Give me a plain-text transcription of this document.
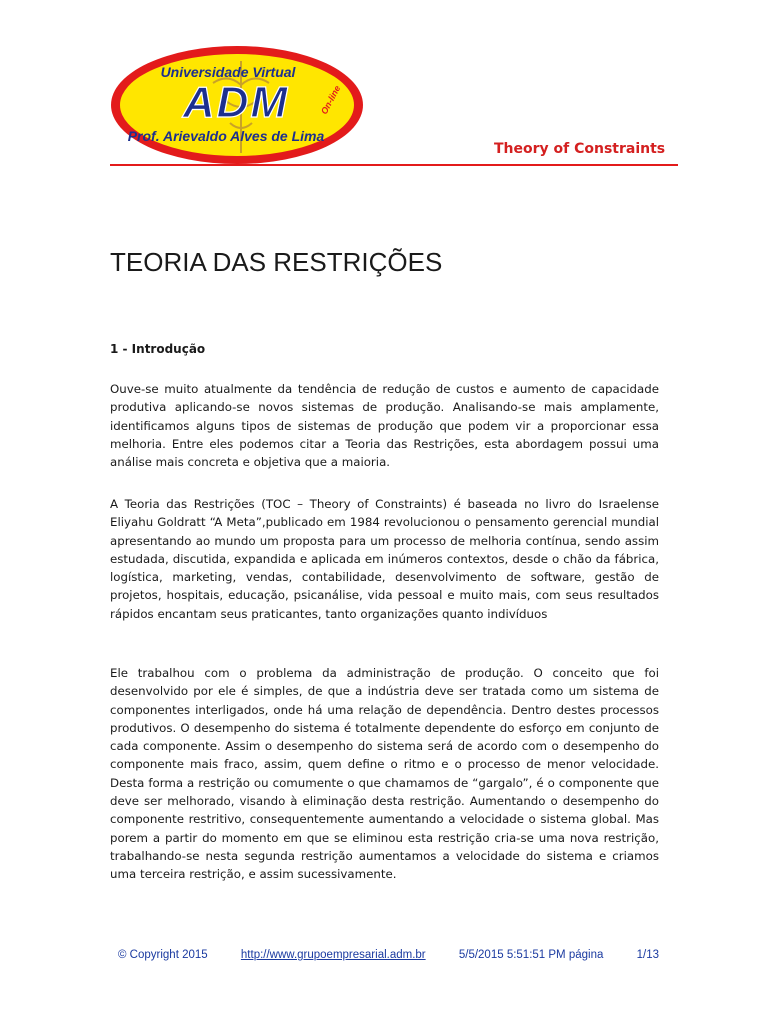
Universidade Virtual
ADM
Prof. Arievaldo Alves de Lima
On-line
Theory of Constraints
TEORIA DAS RESTRIÇÕES
1 - Introdução

Ouve-se muito atualmente da tendência de redução de custos e aumento de capacidade produtiva aplicando-se novos sistemas de produção. Analisando-se mais amplamente, identificamos alguns tipos de sistemas de produção que podem vir a proporcionar essa melhoria. Entre eles podemos citar a Teoria das Restrições, esta abordagem possui uma análise mais concreta e objetiva que a maioria.

A Teoria das Restrições (TOC – Theory of Constraints) é baseada no livro do Israelense Eliyahu Goldratt “A Meta”,publicado em 1984 revolucionou o pensamento gerencial mundial apresentando ao mundo um proposta para um processo de melhoria contínua, sendo assim estudada, discutida, expandida e aplicada em inúmeros contextos, desde o chão da fábrica, logística, marketing, vendas, contabilidade, desenvolvimento de software, gestão de projetos, hospitais, educação, psicanálise, vida pessoal e muito mais, com seus resultados rápidos encantam seus praticantes, tanto organizações quanto indivíduos

Ele trabalhou com o problema da administração de produção. O conceito que foi desenvolvido por ele é simples, de que a indústria deve ser tratada como um sistema de componentes interligados, onde há uma relação de dependência. Dentro destes processos produtivos. O desempenho do sistema é totalmente dependente do esforço em conjunto de cada componente. Assim o desempenho do sistema será de acordo com o desempenho do componente mais fraco, assim, quem define o ritmo e o processo de menor velocidade. Desta forma a restrição ou comumente o que chamamos de “gargalo”, é o componente que deve ser melhorado, visando à eliminação desta restrição. Aumentando o desempenho do componente restritivo, consequentemente aumentando a velocidade o sistema global. Mas porem a partir do momento em que se eliminou esta restrição cria-se uma nova restrição, trabalhando-se nesta segunda restrição aumentamos a velocidade do sistema e criamos uma terceira restrição, e assim sucessivamente.

© Copyright 2015	http://www.grupoempresarial.adm.br	5/5/2015 5:51:51 PM página	1/13
